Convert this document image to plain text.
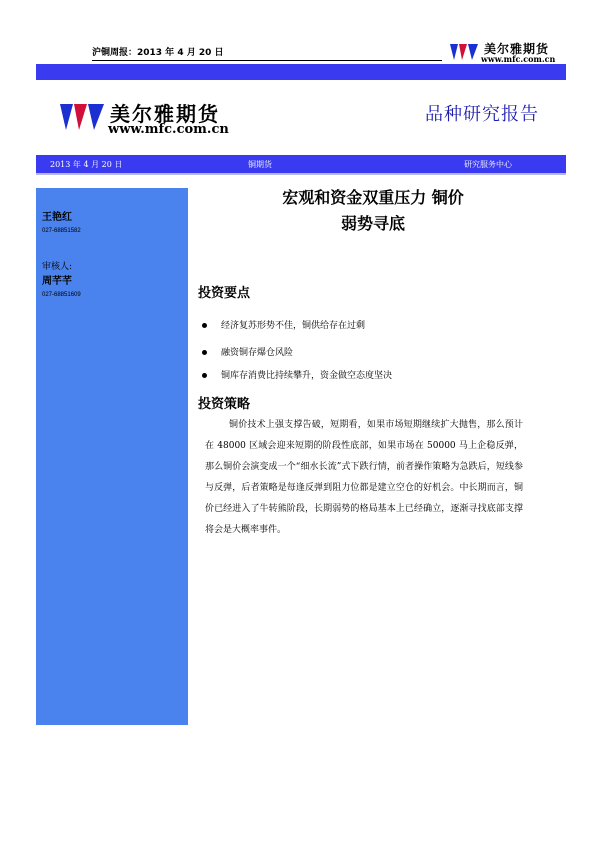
沪铜周报：2013 年 4 月 20 日	美尔雅期货
www.mfc.com.cn
美尔雅期货
www.mfc.com.cn
品种研究报告
2013 年 4 月 20 日	铜期货	研究服务中心
王艳红
027-68851582
审核人:
周芊芊
027-68851609
宏观和资金双重压力 铜价
弱势寻底
投资要点
经济复苏形势不佳，铜供给存在过剩
融资铜存爆仓风险
铜库存消费比持续攀升，资金做空态度坚决
投资策略
铜价技术上强支撑告破，短期看，如果市场短期继续扩大抛售，那么预计在 48000 区域会迎来短期的阶段性底部，如果市场在 50000 马上企稳反弹，那么铜价会演变成一个“细水长流”式下跌行情，前者操作策略为急跌后，短线参与反弹，后者策略是每逢反弹到阻力位都是建立空仓的好机会。中长期而言，铜价已经进入了牛转熊阶段，长期弱势的格局基本上已经确立，逐渐寻找底部支撑将会是大概率事件。
